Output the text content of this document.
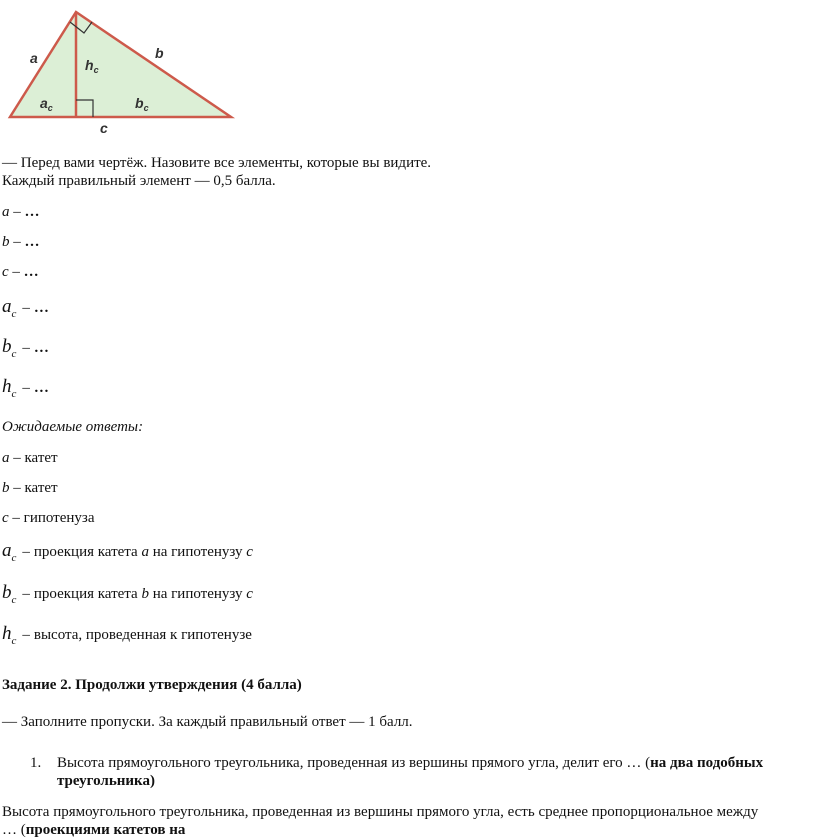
a	b
c
$h_c$
$a_c$	$b_c$
— Перед вами чертёж. Назовите все элементы, которые вы видите.
Каждый правильный элемент — 0,5 балла.
a – …
b – …
c – …
$a_c$ – …
$b_c$ – …
$h_c$ – …
Ожидаемые ответы:
a – катет
b – катет
c – гипотенуза
$a_c$ – проекция катета a на гипотенузу c
$b_c$ – проекция катета b на гипотенузу c
$h_c$ – высота, проведенная к гипотенузе
Задание 2. Продолжи утверждения (4 балла)
— Заполните пропуски. За каждый правильный ответ — 1 балл.
1. Высота прямоугольного треугольника, проведенная из вершины прямого угла, делит его … (на два подобных
треугольника)
Высота прямоугольного треугольника, проведенная из вершины прямого угла, есть среднее пропорциональное между
… (проекциями катетов на
